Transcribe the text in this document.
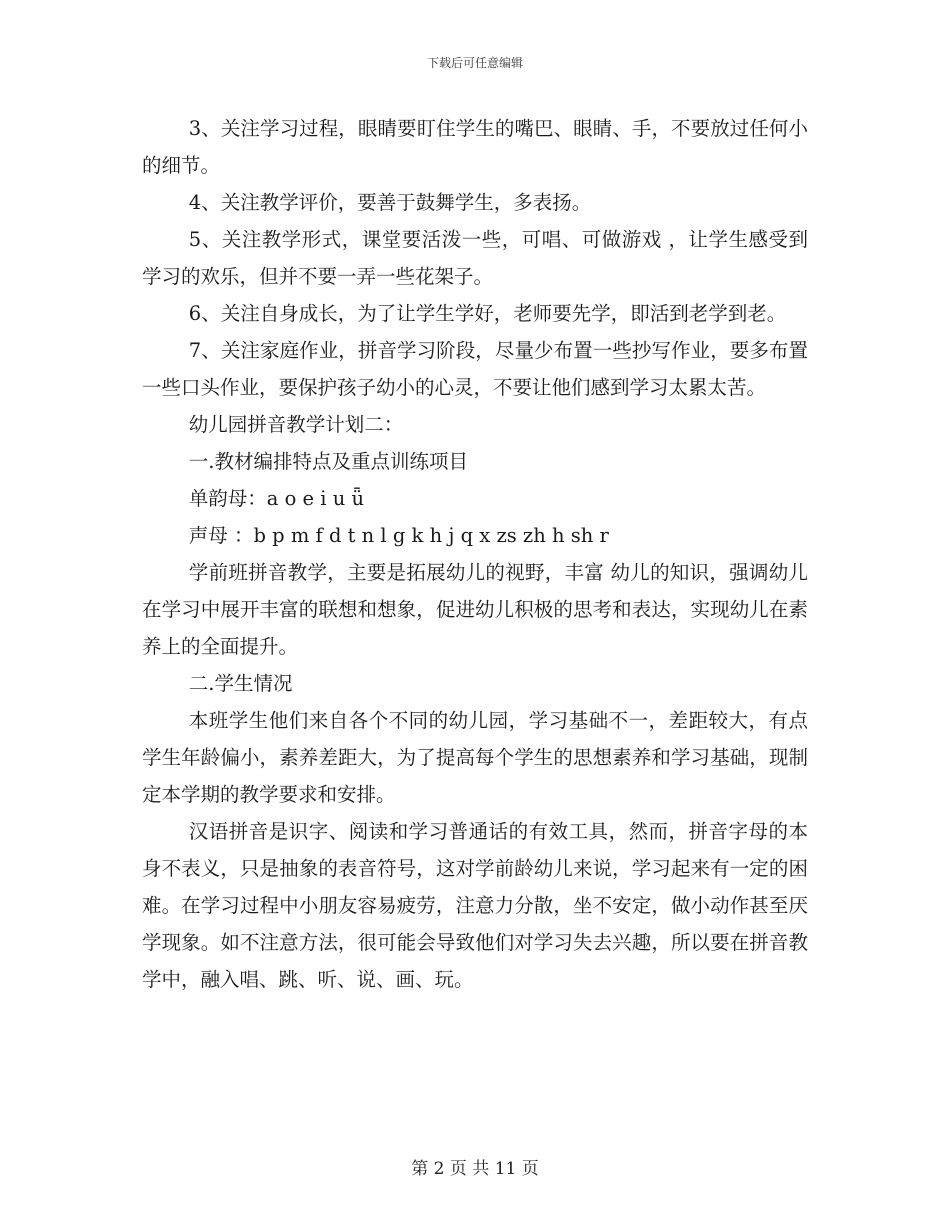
下载后可任意编辑

3、关注学习过程，眼睛要盯住学生的嘴巴、眼睛、手，不要放过任何小的细节。

4、关注教学评价，要善于鼓舞学生，多表扬。

5、关注教学形式，课堂要活泼一些，可唱、可做游戏 ，让学生感受到学习的欢乐，但并不要一弄一些花架子。

6、关注自身成长，为了让学生学好，老师要先学，即活到老学到老。

7、关注家庭作业，拼音学习阶段，尽量少布置一些抄写作业，要多布置一些口头作业，要保护孩子幼小的心灵，不要让他们感到学习太累太苦。

幼儿园拼音教学计划二：

一.教材编排特点及重点训练项目

单韵母：a o e i u ǖ

声母 ：b p m f d t n l g k h j q x zs zh h sh r

学前班拼音教学，主要是拓展幼儿的视野，丰富 幼儿的知识，强调幼儿在学习中展开丰富的联想和想象，促进幼儿积极的思考和表达，实现幼儿在素养上的全面提升。

二.学生情况

本班学生他们来自各个不同的幼儿园，学习基础不一，差距较大，有点学生年龄偏小，素养差距大，为了提高每个学生的思想素养和学习基础，现制定本学期的教学要求和安排。

汉语拼音是识字、阅读和学习普通话的有效工具，然而，拼音字母的本身不表义，只是抽象的表音符号，这对学前龄幼儿来说，学习起来有一定的困难。在学习过程中小朋友容易疲劳，注意力分散，坐不安定，做小动作甚至厌学现象。如不注意方法，很可能会导致他们对学习失去兴趣，所以要在拼音教学中，融入唱、跳、听、说、画、玩。

第 2 页 共 11 页
